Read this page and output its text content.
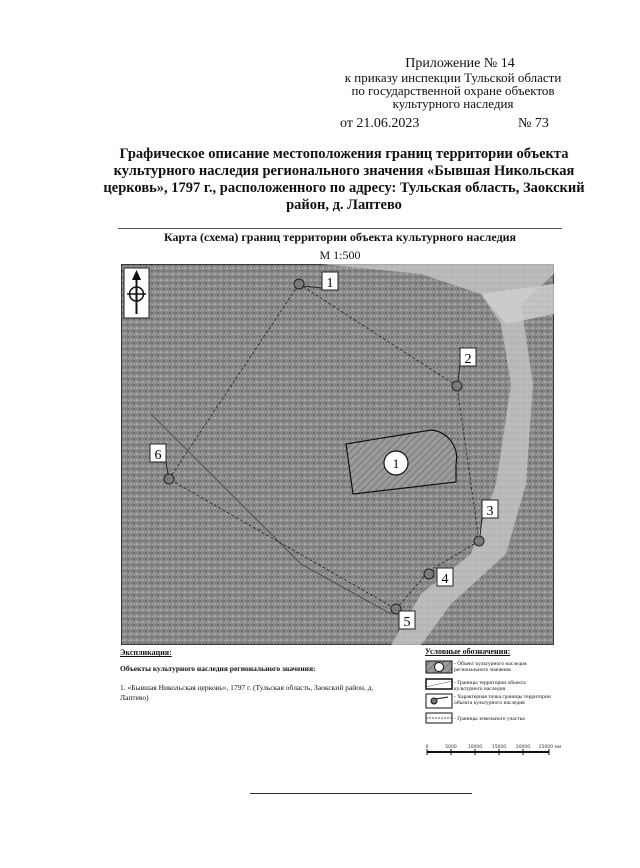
Приложение № 14
к приказу инспекции Тульской области
по государственной охране объектов
культурного наследия
от 21.06.2023	№ 73
Графическое описание местоположения границ территории объекта культурного наследия регионального значения «Бывшая Никольская церковь», 1797 г., расположенного по адресу: Тульская область, Заокский район, д. Лаптево
Карта (схема) границ территории объекта культурного наследия
М 1:500
1
1
2
3
4
5
6
Экспликация:
Объекты культурного наследия регионального значения:
1. «Бывшая Никольская церковь», 1797 г. (Тульская область, Заокский район, д. Лаптево)
Условные обозначения:
- Объект культурного наследия регионального значения
- Границы территории объекта культурного наследия
- Характерная точка границы территории объекта культурного наследия
- Границы земельного участка
0	5000 10000 15000 20000 25000 мм
